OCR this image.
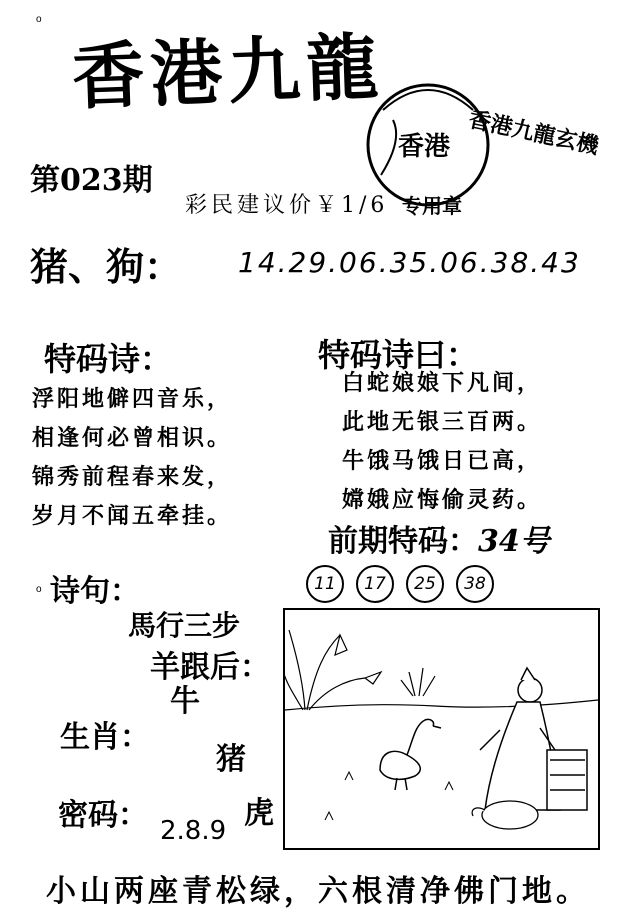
o
o
香港九龍
香港 香港九龍玄機
专用章
第023期
彩民建议价￥1/6
猪、狗： 14.29.06.35.06.38.43
特码诗：
浮阳地僻四音乐，
相逢何必曾相识。
锦秀前程春来发，
岁月不闻五牵挂。
特码诗曰：
白蛇娘娘下凡间，
此地无银三百两。
牛饿马饿日已高，
嫦娥应悔偷灵药。
前期特码：34号
11	17	25	38
诗句：
馬行三步
羊跟后：
牛
生肖：
猪
密码： 2.8.9 虎
小山两座青松绿，六根清净佛门地。
